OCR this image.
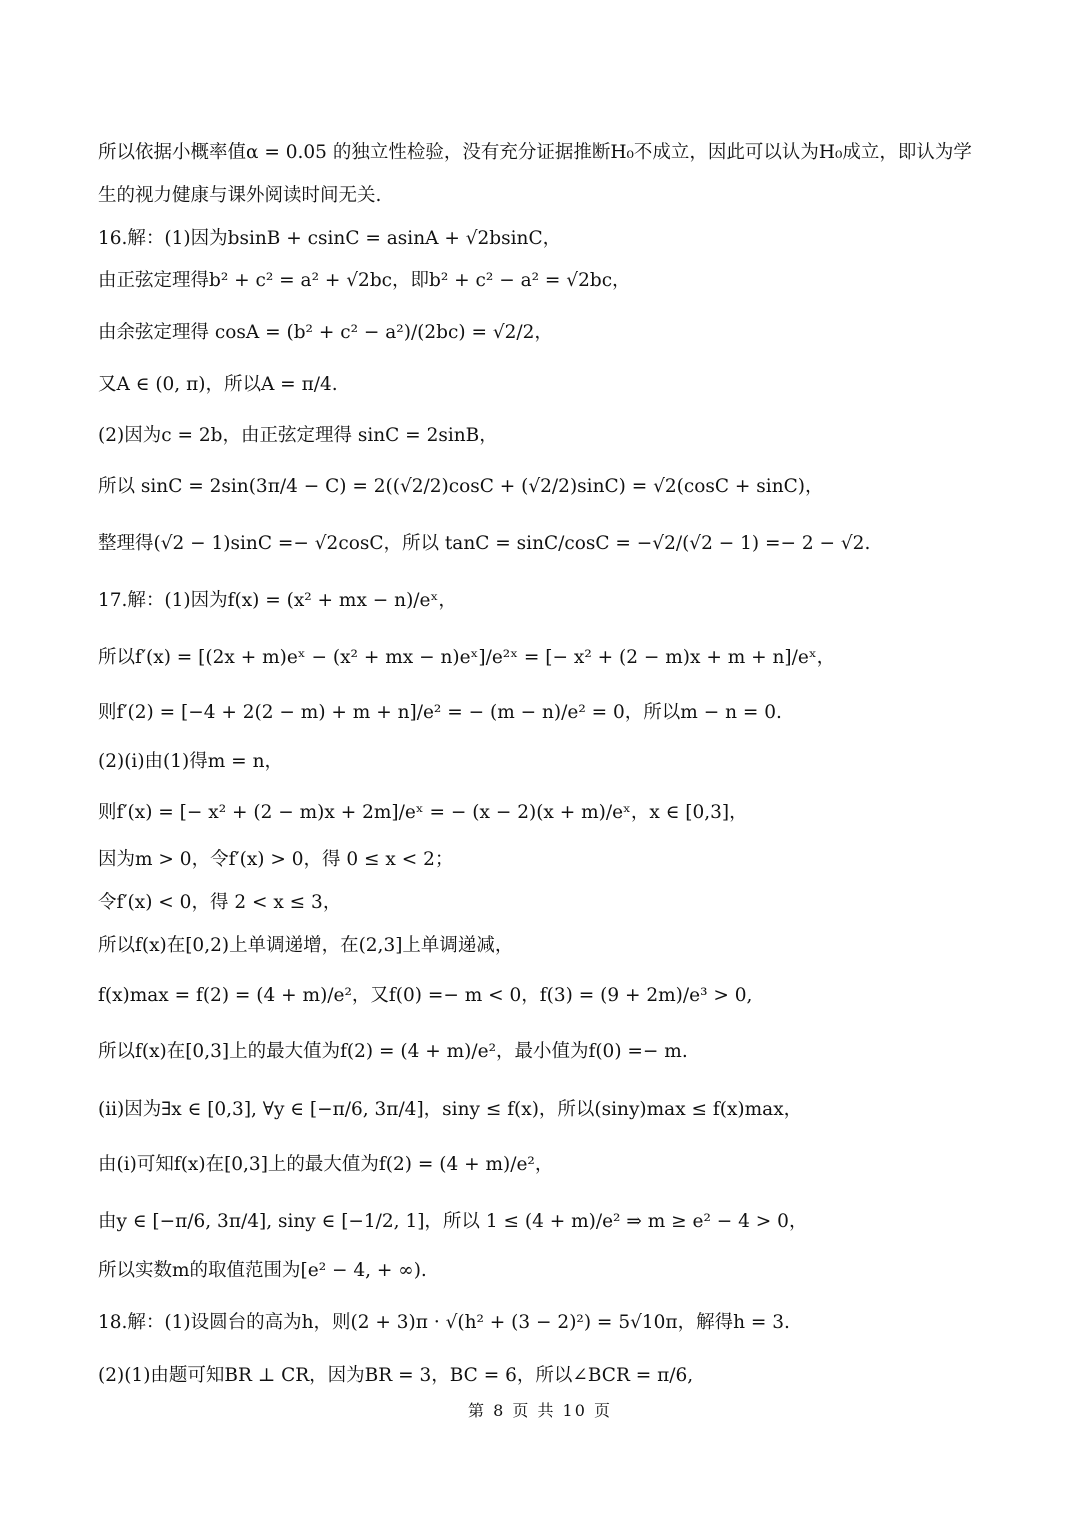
所以依据小概率值α = 0.05 的独立性检验，没有充分证据推断H₀不成立，因此可以认为H₀成立，即认为学
生的视力健康与课外阅读时间无关.
16.解：(1)因为bsinB + csinC = asinA + √2bsinC，
由正弦定理得b² + c² = a² + √2bc，即b² + c² − a² = √2bc，
由余弦定理得 cosA = (b² + c² − a²)/(2bc) = √2/2，
又A ∈ (0, π)，所以A = π/4.
(2)因为c = 2b，由正弦定理得 sinC = 2sinB，
所以 sinC = 2sin(3π/4 − C) = 2((√2/2)cosC + (√2/2)sinC) = √2(cosC + sinC)，
整理得(√2 − 1)sinC =− √2cosC，所以 tanC = sinC/cosC = −√2/(√2 − 1) =− 2 − √2.
17.解：(1)因为f(x) = (x² + mx − n)/eˣ，
所以f′(x) = [(2x + m)eˣ − (x² + mx − n)eˣ]/e²ˣ = [− x² + (2 − m)x + m + n]/eˣ，
则f′(2) = [−4 + 2(2 − m) + m + n]/e² = − (m − n)/e² = 0，所以m − n = 0.
(2)(i)由(1)得m = n，
则f′(x) = [− x² + (2 − m)x + 2m]/eˣ = − (x − 2)(x + m)/eˣ，x ∈ [0,3]，
因为m > 0，令f′(x) > 0，得 0 ≤ x < 2；
令f′(x) < 0，得 2 < x ≤ 3，
所以f(x)在[0,2)上单调递增，在(2,3]上单调递减，
f(x)max = f(2) = (4 + m)/e²，又f(0) =− m < 0，f(3) = (9 + 2m)/e³ > 0,
所以f(x)在[0,3]上的最大值为f(2) = (4 + m)/e²，最小值为f(0) =− m.
(ii)因为∃x ∈ [0,3], ∀y ∈ [−π/6, 3π/4]，siny ≤ f(x)，所以(siny)max ≤ f(x)max，
由(i)可知f(x)在[0,3]上的最大值为f(2) = (4 + m)/e²，
由y ∈ [−π/6, 3π/4], siny ∈ [−1/2, 1]，所以 1 ≤ (4 + m)/e² ⇒ m ≥ e² − 4 > 0，
所以实数m的取值范围为[e² − 4, + ∞).
18.解：(1)设圆台的高为h，则(2 + 3)π · √(h² + (3 − 2)²) = 5√10π，解得h = 3.
(2)(1)由题可知BR ⊥ CR，因为BR = 3，BC = 6，所以∠BCR = π/6,
第 8 页 共 10 页
